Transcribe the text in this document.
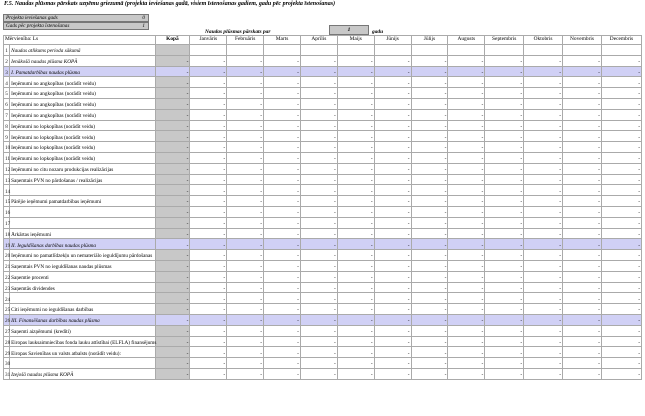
F.5. Naudas plūsmas pārskats uzņēmu griezumā (projekta ieviešanas gadā, visiem īstenošanas gadiem, gadu pēc projekta īstenošanas)
Projekta ieviešanas gads	0
Gads pēc projekta īstenošanas	1
Naudas plūsmas pārskats par	1	gadu
Mērvienība: Ls		Kopā	Janvāris	Februāris	Marts	Aprīlis	Maijs	Jūnijs	Jūlijs	Augusts	Septembris	Oktobris	Novembris	Decembris
1	Naudas atlikums perioda sākumā													
2	Ienākošā naudas plūsma KOPĀ	-	-	-	-	-	-	-	-	-	-	-	-	-
3	I. Pamatdarbības naudas plūsma	-	-	-	-	-	-	-	-	-	-	-	-	-
4	Ieņēmumi no angkopības (norādīt veidu)	-	-	-	-	-	-	-	-	-	-	-	-	-
5	Ieņēmumi no angkopības (norādīt veidu)	-	-	-	-	-	-	-	-	-	-	-	-	-
6	Ieņēmumi no angkopības (norādīt veidu)	-	-	-	-	-	-	-	-	-	-	-	-	-
7	Ieņēmumi no angkopības (norādīt veidu)	-	-	-	-	-	-	-	-	-	-	-	-	-
8	Ieņēmumi no lopkopības (norādīt veidu)	-	-	-	-	-	-	-	-	-	-	-	-	-
9	Ieņēmumi no lopkopības (norādīt veidu)	-	-	-	-	-	-	-	-	-	-	-	-	-
10	Ieņēmumi no lopkopības (norādīt veidu)	-	-	-	-	-	-	-	-	-	-	-	-	-
11	Ieņēmumi no lopkopības (norādīt veidu)	-	-	-	-	-	-	-	-	-	-	-	-	-
12	Ieņēmumi no citu nozaru produkcijas realizācijas	-	-	-	-	-	-	-	-	-	-	-	-	-
13	Saņemtais PVN no pārdošanas / realizācijas	-	-	-	-	-	-	-	-	-	-	-	-	-
14		-	-	-	-	-	-	-	-	-	-	-	-	-
15	Pārējie ieņēmumi pamatdarbības ieņēmumi	-	-	-	-	-	-	-	-	-	-	-	-	-
16		-	-	-	-	-	-	-	-	-	-	-	-	-
17		-	-	-	-	-	-	-	-	-	-	-	-	-
18	Ārkārtas ieņēmumi	-	-	-	-	-	-	-	-	-	-	-	-	-
19	II. Ieguldīšanas darbības naudas plūsma	-	-	-	-	-	-	-	-	-	-	-	-	-
20	Ieņēmumi no pamatlīdzekļu un nemateriālo ieguldījumu pārdošanas	-	-	-	-	-	-	-	-	-	-	-	-	-
21	Saņemtais PVN no ieguldīšanas naudas plūsmas	-	-	-	-	-	-	-	-	-	-	-	-	-
22	Saņemtie procenti	-	-	-	-	-	-	-	-	-	-	-	-	-
23	Saņemtās dividendes	-	-	-	-	-	-	-	-	-	-	-	-	-
24		-	-	-	-	-	-	-	-	-	-	-	-	-
25	Citi ieņēmumi no ieguldīšanas darbības	-	-	-	-	-	-	-	-	-	-	-	-	-
26	III. Finansēšanas darbības naudas plūsma	-	-	-	-	-	-	-	-	-	-	-	-	-
27	Saņemti aizņēmumi (kredīti)	-	-	-	-	-	-	-	-	-	-	-	-	-
28	Eiropas lauksaimniecības fonda lauku attīstībai (ELFLA) finansējums	-	-	-	-	-	-	-	-	-	-	-	-	-
29	Eiropas Savienības un valsts atbalsts (norādīt veidu):	-	-	-	-	-	-	-	-	-	-	-	-	-
30		-	-	-	-	-	-	-	-	-	-	-	-	-
31	Izejošā naudas plūsma KOPĀ	-	-	-	-	-	-	-	-	-	-	-	-	-
